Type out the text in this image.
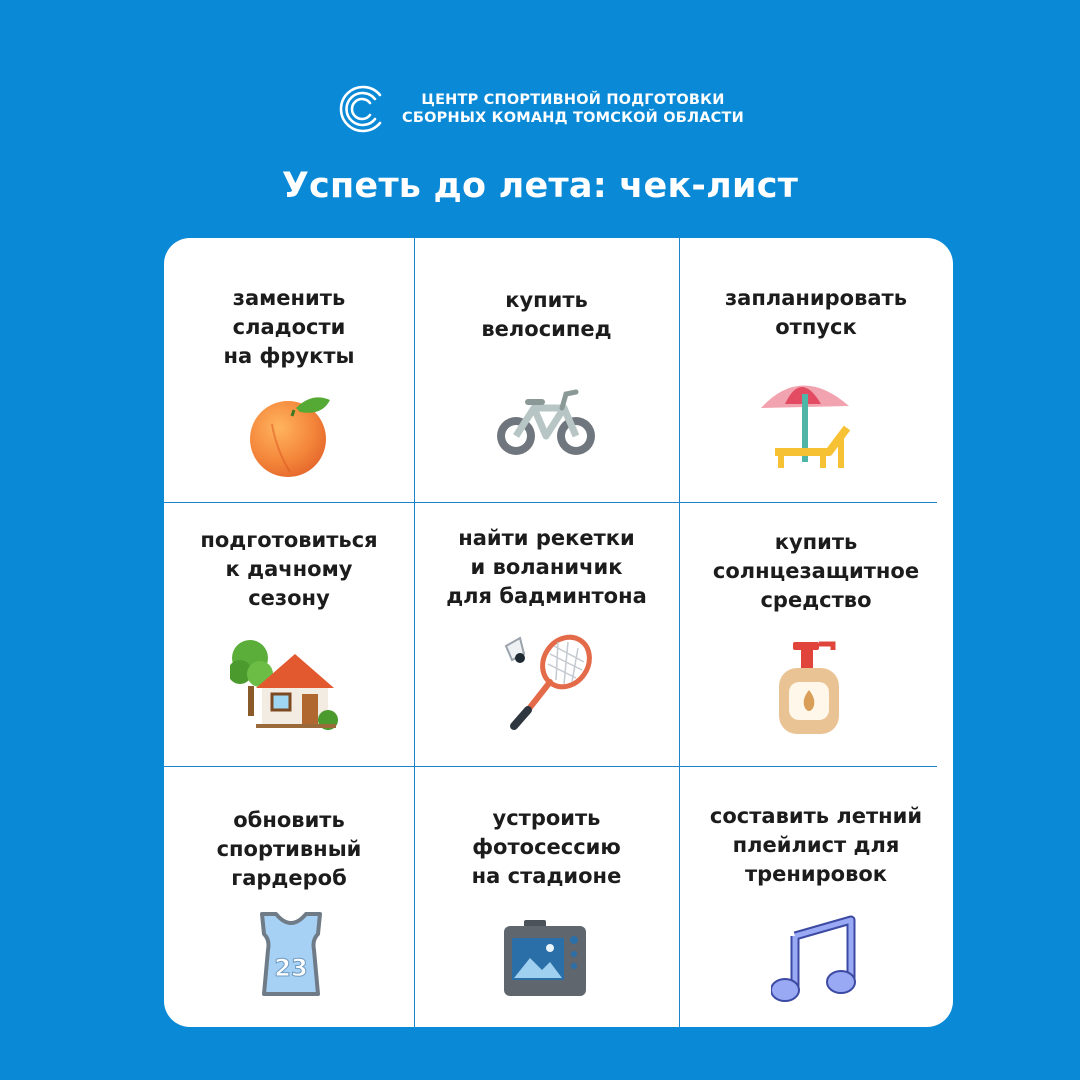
ЦЕНТР СПОРТИВНОЙ ПОДГОТОВКИ
СБОРНЫХ КОМАНД ТОМСКОЙ ОБЛАСТИ
Успеть до лета: чек-лист
заменить
сладости
на фрукты
купить
велосипед
запланировать
отпуск
подготовиться
к дачному
сезону
найти рекетки
и воланичик
для бадминтона
купить
солнцезащитное
средство
обновить
спортивный
гардероб
23
устроить
фотосессию
на стадионе
составить летний
плейлист для
тренировок
